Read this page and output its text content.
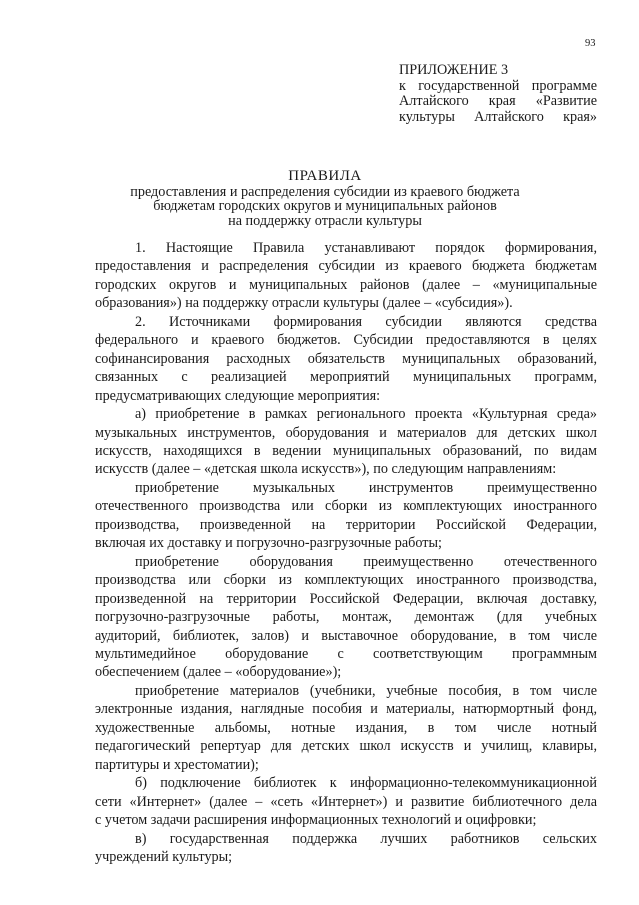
93
ПРИЛОЖЕНИЕ 3
к государственной программе
Алтайского края «Развитие
культуры Алтайского края»
ПРАВИЛА
предоставления и распределения субсидии из краевого бюджета
бюджетам городских округов и муниципальных районов
на поддержку отрасли культуры
1. Настоящие Правила устанавливают порядок формирования,
предоставления и распределения субсидии из краевого бюджета бюджетам
городских округов и муниципальных районов (далее – «муниципальные
образования») на поддержку отрасли культуры (далее – «субсидия»).
2. Источниками формирования субсидии являются средства
федерального и краевого бюджетов. Субсидии предоставляются в целях
софинансирования расходных обязательств муниципальных образований,
связанных с реализацией мероприятий муниципальных программ,
предусматривающих следующие мероприятия:
а) приобретение в рамках регионального проекта «Культурная среда»
музыкальных инструментов, оборудования и материалов для детских школ
искусств, находящихся в ведении муниципальных образований, по видам
искусств (далее – «детская школа искусств»), по следующим направлениям:
приобретение музыкальных инструментов преимущественно
отечественного производства или сборки из комплектующих иностранного
производства, произведенной на территории Российской Федерации,
включая их доставку и погрузочно-разгрузочные работы;
приобретение оборудования преимущественно отечественного
производства или сборки из комплектующих иностранного производства,
произведенной на территории Российской Федерации, включая доставку,
погрузочно-разгрузочные работы, монтаж, демонтаж (для учебных
аудиторий, библиотек, залов) и выставочное оборудование, в том числе
мультимедийное оборудование с соответствующим программным
обеспечением (далее – «оборудование»);
приобретение материалов (учебники, учебные пособия, в том числе
электронные издания, наглядные пособия и материалы, натюрмортный фонд,
художественные альбомы, нотные издания, в том числе нотный
педагогический репертуар для детских школ искусств и училищ, клавиры,
партитуры и хрестоматии);
б) подключение библиотек к информационно-телекоммуникационной
сети «Интернет» (далее – «сеть «Интернет») и развитие библиотечного дела
с учетом задачи расширения информационных технологий и оцифровки;
в) государственная поддержка лучших работников сельских
учреждений культуры;
